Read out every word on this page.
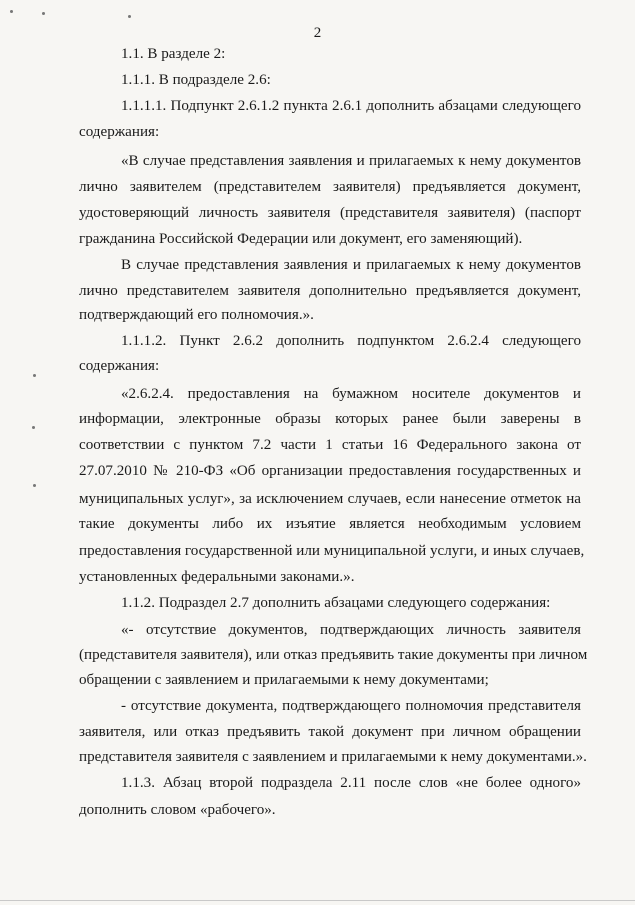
2
1.1. В разделе 2:
1.1.1. В подразделе 2.6:
1.1.1.1. Подпункт 2.6.1.2 пункта 2.6.1 дополнить абзацами следующего
содержания:
«В случае представления заявления и прилагаемых к нему документов
лично заявителем (представителем заявителя) предъявляется документ,
удостоверяющий личность заявителя (представителя заявителя) (паспорт
гражданина Российской Федерации или документ, его заменяющий).
В случае представления заявления и прилагаемых к нему документов
лично представителем заявителя дополнительно предъявляется документ,
подтверждающий его полномочия.».
1.1.1.2. Пункт 2.6.2 дополнить подпунктом 2.6.2.4 следующего
содержания:
«2.6.2.4. предоставления на бумажном носителе документов и
информации, электронные образы которых ранее были заверены в
соответствии с пунктом 7.2 части 1 статьи 16 Федерального закона от
27.07.2010 № 210-ФЗ «Об организации предоставления государственных и
муниципальных услуг», за исключением случаев, если нанесение отметок на
такие документы либо их изъятие является необходимым условием
предоставления государственной или муниципальной услуги, и иных случаев,
установленных федеральными законами.».
1.1.2. Подраздел 2.7 дополнить абзацами следующего содержания:
«- отсутствие документов, подтверждающих личность заявителя
(представителя заявителя), или отказ предъявить такие документы при личном
обращении с заявлением и прилагаемыми к нему документами;
- отсутствие документа, подтверждающего полномочия представителя
заявителя, или отказ предъявить такой документ при личном обращении
представителя заявителя с заявлением и прилагаемыми к нему документами.».
1.1.3. Абзац второй подраздела 2.11 после слов «не более одного»
дополнить словом «рабочего».
